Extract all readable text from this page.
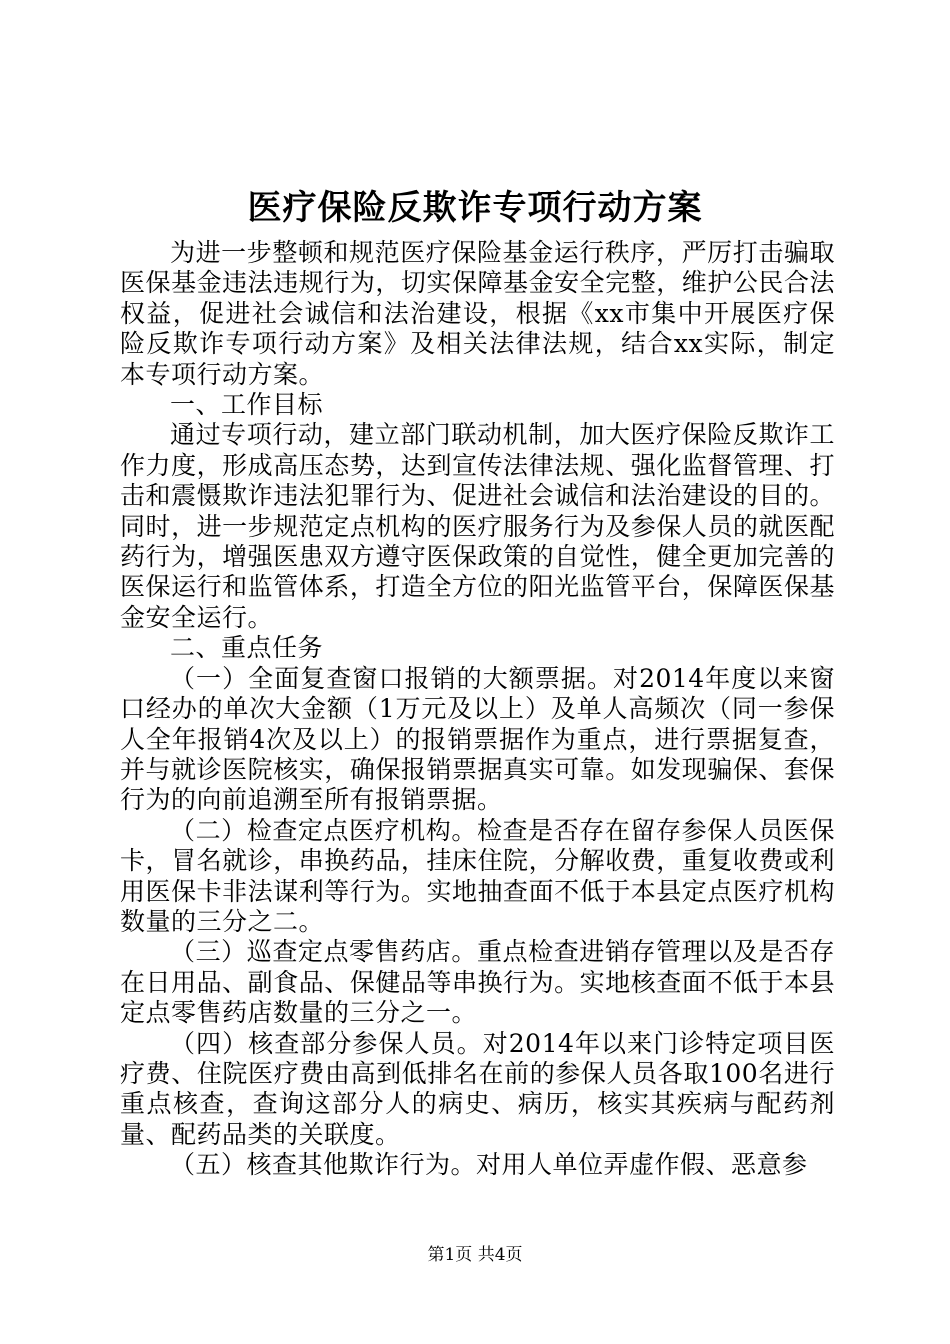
医疗保险反欺诈专项行动方案

为进一步整顿和规范医疗保险基金运行秩序，严厉打击骗取医保基金违法违规行为，切实保障基金安全完整，维护公民合法权益，促进社会诚信和法治建设，根据《xx市集中开展医疗保险反欺诈专项行动方案》及相关法律法规，结合xx实际，制定本专项行动方案。

一、工作目标

通过专项行动，建立部门联动机制，加大医疗保险反欺诈工作力度，形成高压态势，达到宣传法律法规、强化监督管理、打击和震慑欺诈违法犯罪行为、促进社会诚信和法治建设的目的。同时，进一步规范定点机构的医疗服务行为及参保人员的就医配药行为，增强医患双方遵守医保政策的自觉性，健全更加完善的医保运行和监管体系，打造全方位的阳光监管平台，保障医保基金安全运行。

二、重点任务

（一）全面复查窗口报销的大额票据。对2014年度以来窗口经办的单次大金额（1万元及以上）及单人高频次（同一参保人全年报销4次及以上）的报销票据作为重点，进行票据复查，并与就诊医院核实，确保报销票据真实可靠。如发现骗保、套保行为的向前追溯至所有报销票据。

（二）检查定点医疗机构。检查是否存在留存参保人员医保卡，冒名就诊，串换药品，挂床住院，分解收费，重复收费或利用医保卡非法谋利等行为。实地抽查面不低于本县定点医疗机构数量的三分之二。

（三）巡查定点零售药店。重点检查进销存管理以及是否存在日用品、副食品、保健品等串换行为。实地核查面不低于本县定点零售药店数量的三分之一。

（四）核查部分参保人员。对2014年以来门诊特定项目医疗费、住院医疗费由高到低排名在前的参保人员各取100名进行重点核查，查询这部分人的病史、病历，核实其疾病与配药剂量、配药品类的关联度。

（五）核查其他欺诈行为。对用人单位弄虚作假、恶意参

第1页 共4页
